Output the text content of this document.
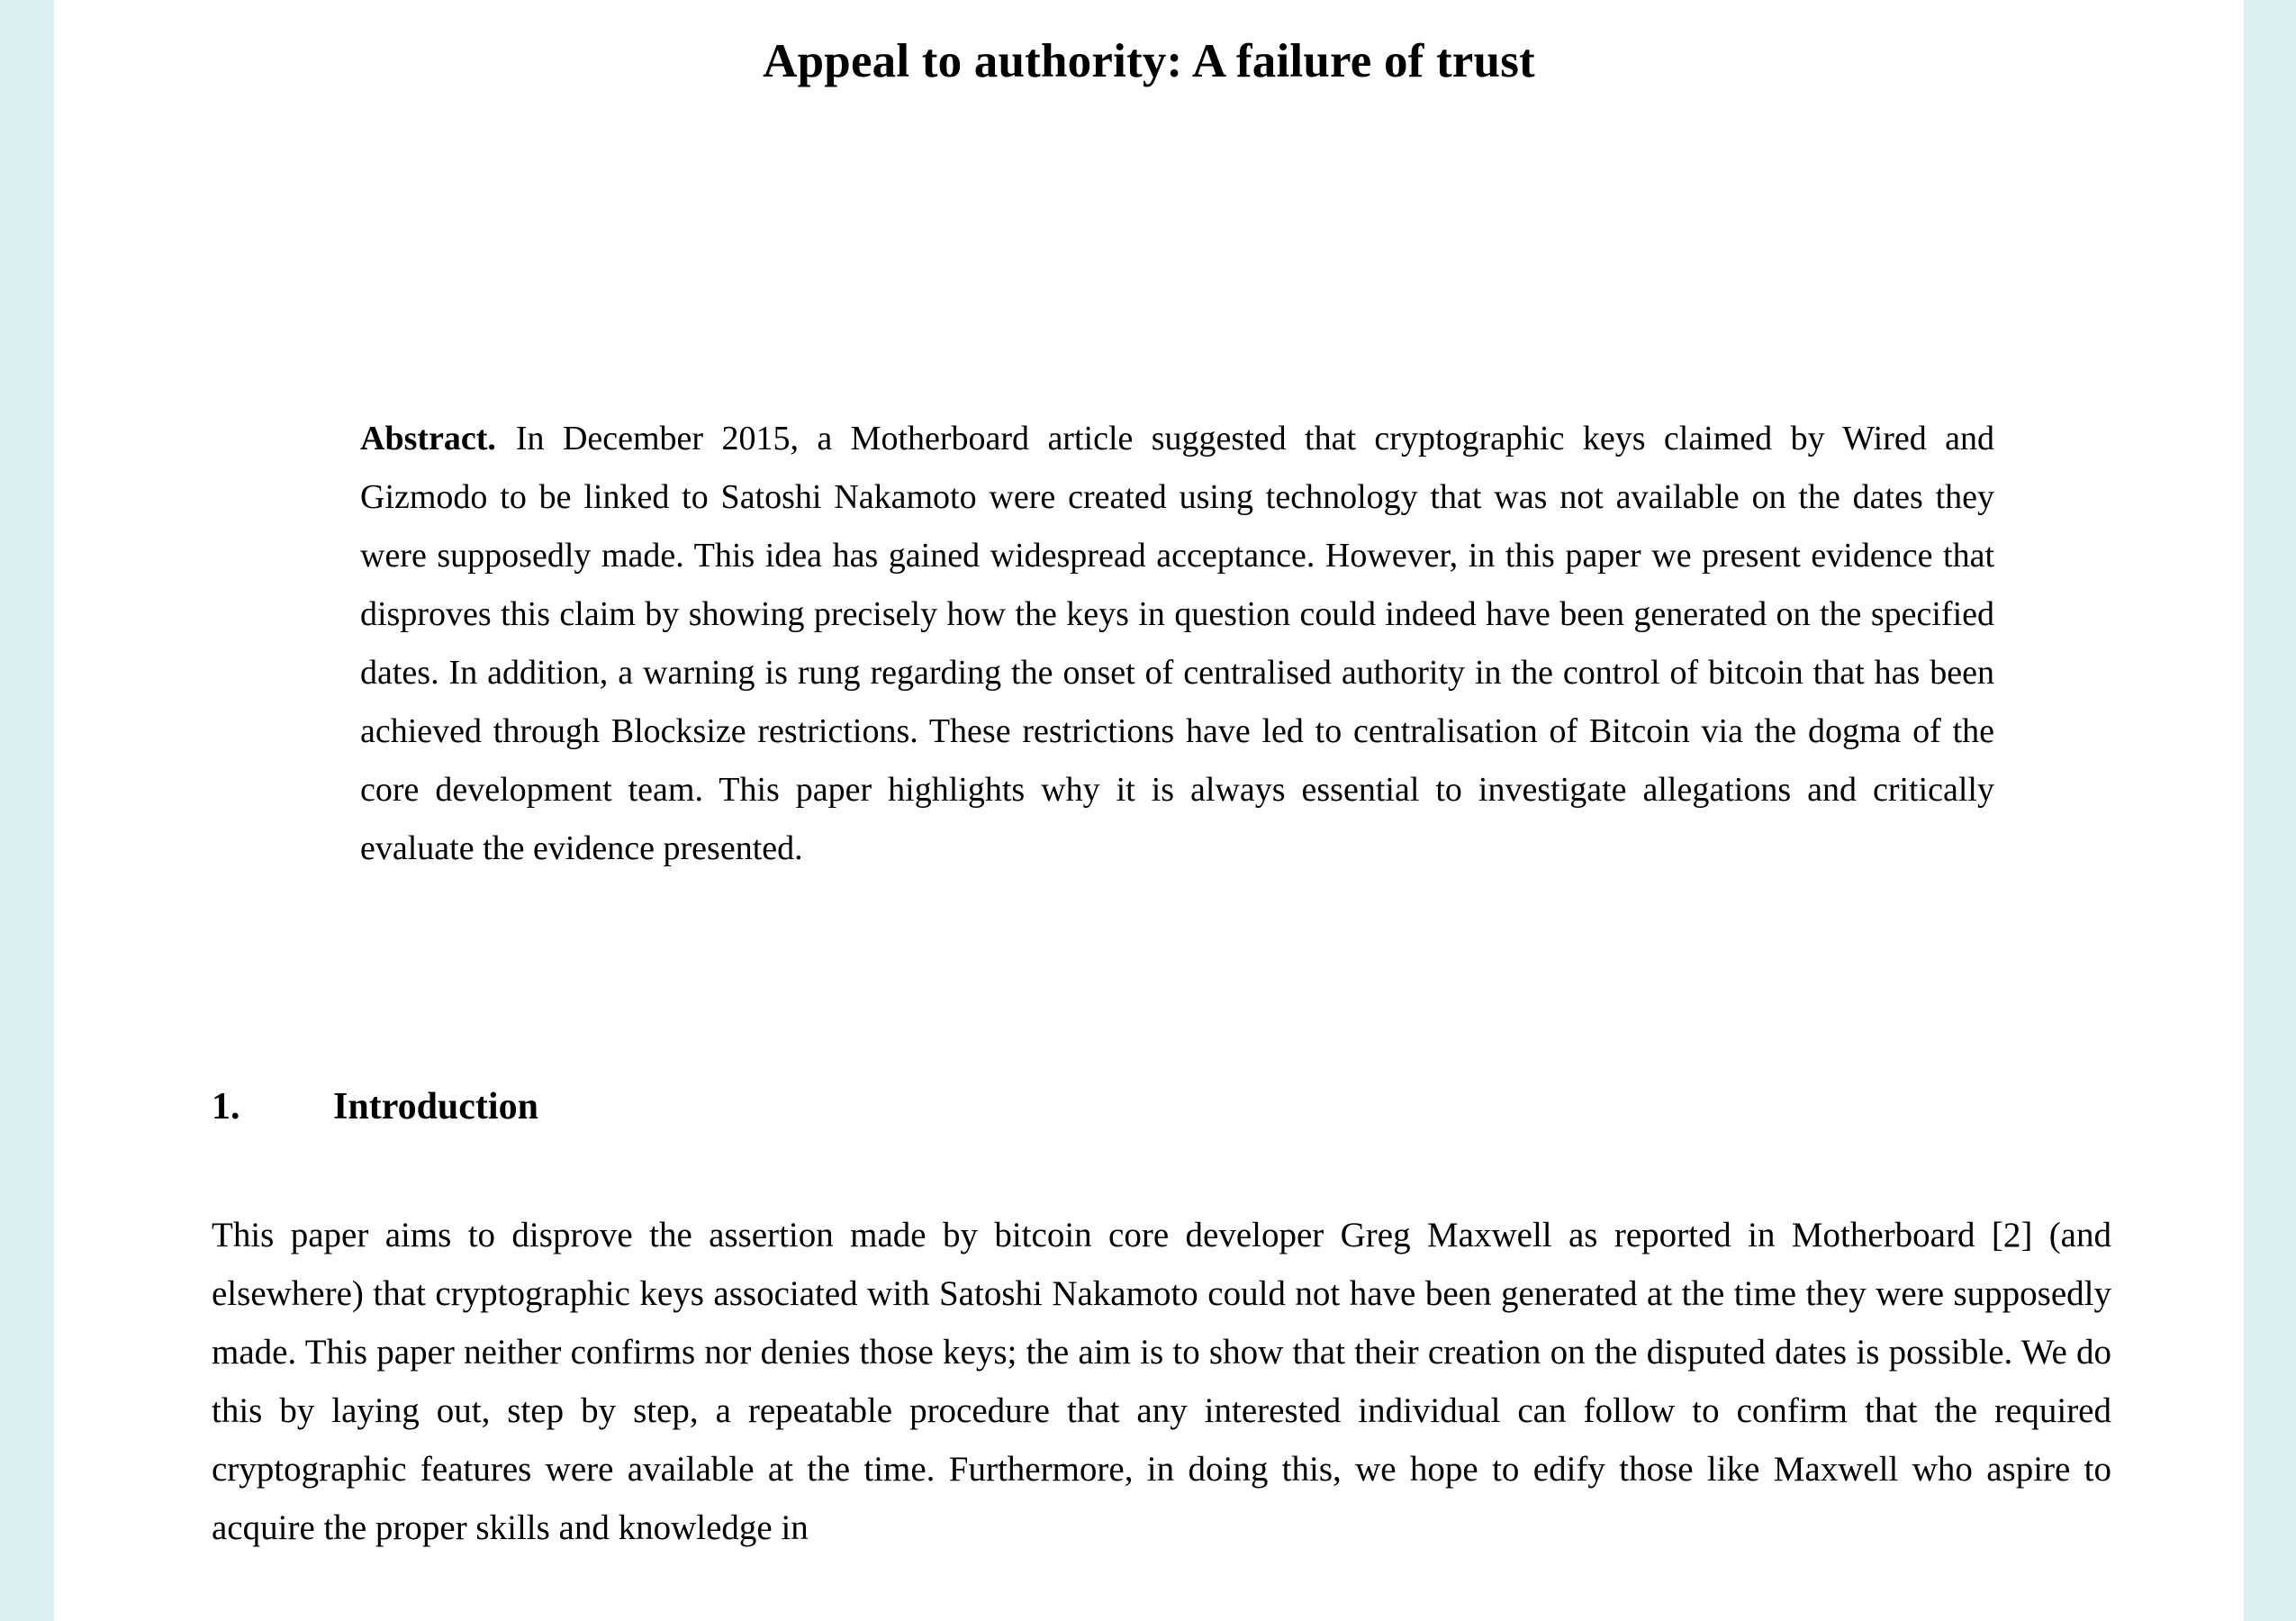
Appeal to authority: A failure of trust
Abstract. In December 2015, a Motherboard article suggested that cryptographic keys claimed by Wired and Gizmodo to be linked to Satoshi Nakamoto were created using technology that was not available on the dates they were supposedly made. This idea has gained widespread acceptance. However, in this paper we present evidence that disproves this claim by showing precisely how the keys in question could indeed have been generated on the specified dates. In addition, a warning is rung regarding the onset of centralised authority in the control of bitcoin that has been achieved through Blocksize restrictions. These restrictions have led to centralisation of Bitcoin via the dogma of the core development team. This paper highlights why it is always essential to investigate allegations and critically evaluate the evidence presented.
1. Introduction

This paper aims to disprove the assertion made by bitcoin core developer Greg Maxwell as reported in Motherboard [2] (and elsewhere) that cryptographic keys associated with Satoshi Nakamoto could not have been generated at the time they were supposedly made. This paper neither confirms nor denies those keys; the aim is to show that their creation on the disputed dates is possible. We do this by laying out, step by step, a repeatable procedure that any interested individual can follow to confirm that the required cryptographic features were available at the time. Furthermore, in doing this, we hope to edify those like Maxwell who aspire to acquire the proper skills and knowledge in
